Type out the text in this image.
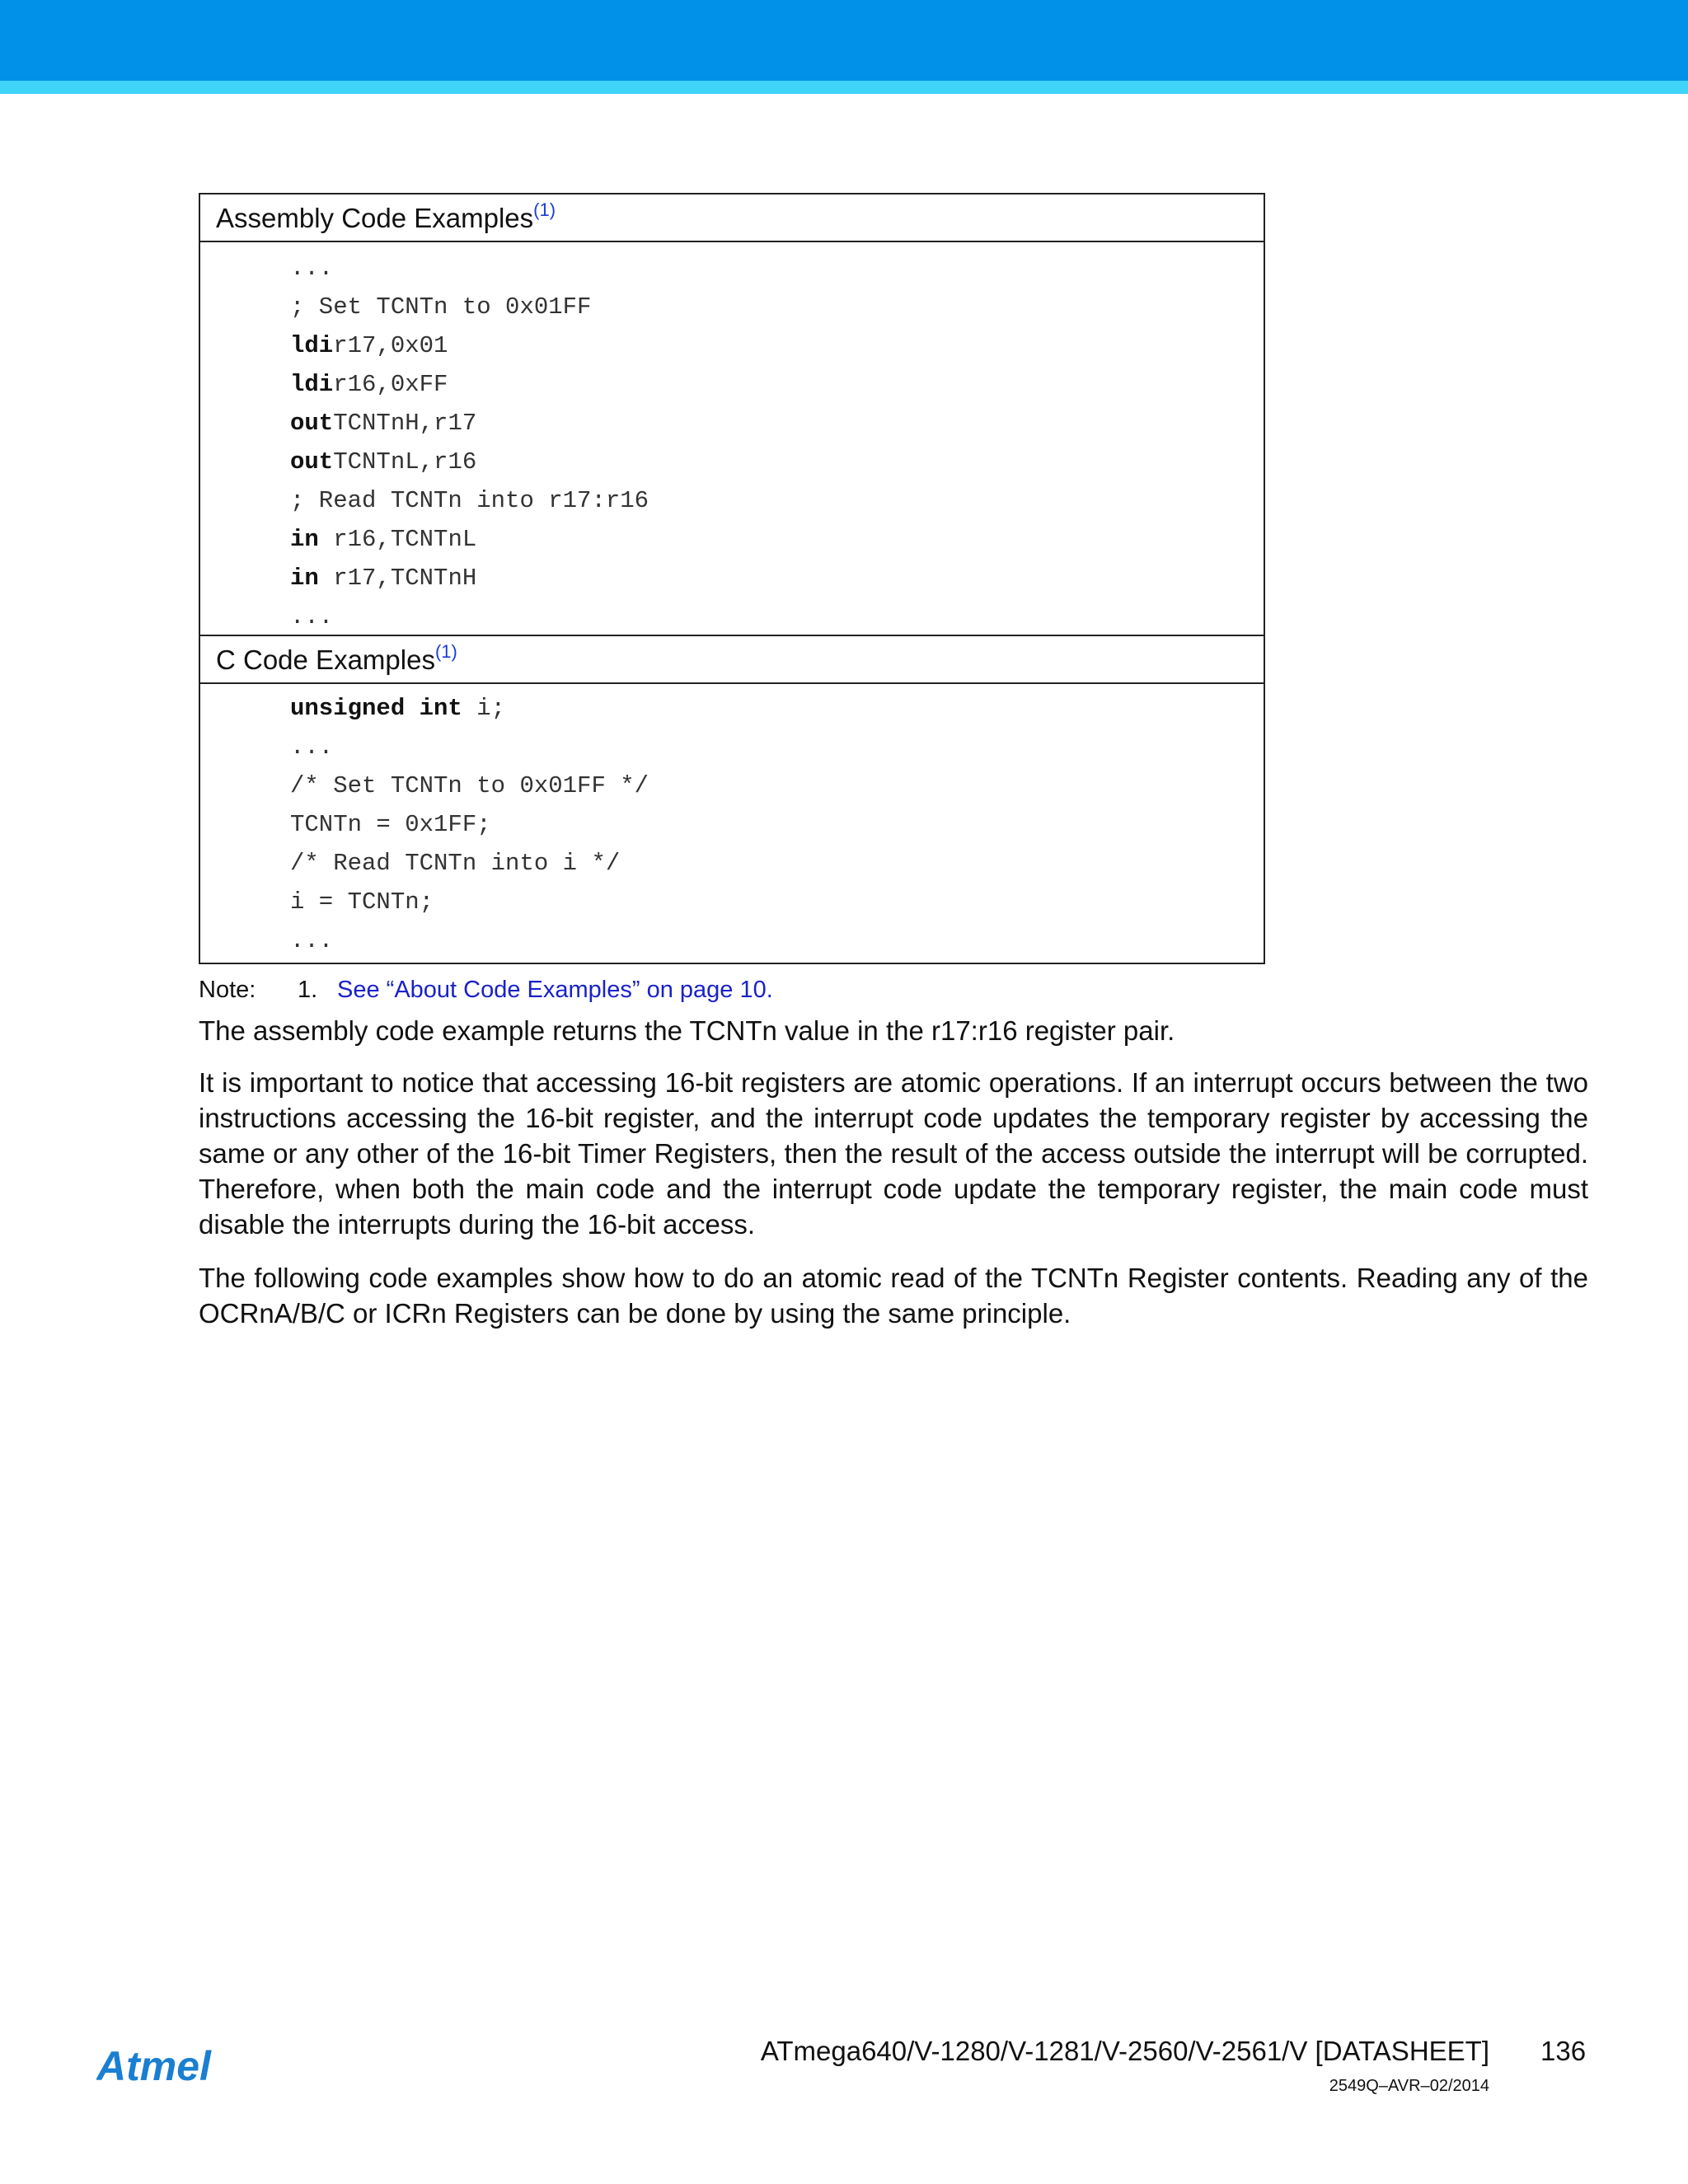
Assembly Code Examples$^{(1)}$
...
; Set TCNTn to 0x01FF
ldir17,0x01
ldir16,0xFF
outTCNTnH,r17
outTCNTnL,r16
; Read TCNTn into r17:r16
in r16,TCNTnL
in r17,TCNTnH
...
C Code Examples$^{(1)}$
unsigned int i;
...
/* Set TCNTn to 0x01FF */
TCNTn = 0x1FF;
/* Read TCNTn into i */
i = TCNTn;
...
Note: 1. See “About Code Examples” on page 10.
The assembly code example returns the TCNTn value in the r17:r16 register pair.
It is important to notice that accessing 16-bit registers are atomic operations. If an interrupt occurs between the two instructions accessing the 16-bit register, and the interrupt code updates the temporary register by accessing the same or any other of the 16-bit Timer Registers, then the result of the access outside the interrupt will be corrupted. Therefore, when both the main code and the interrupt code update the temporary register, the main code must disable the interrupts during the 16-bit access.
The following code examples show how to do an atomic read of the TCNTn Register contents. Reading any of the OCRnA/B/C or ICRn Registers can be done by using the same principle.
Atmel	ATmega640/V-1280/V-1281/V-2560/V-2561/V [DATASHEET] 136
2549Q–AVR–02/2014
